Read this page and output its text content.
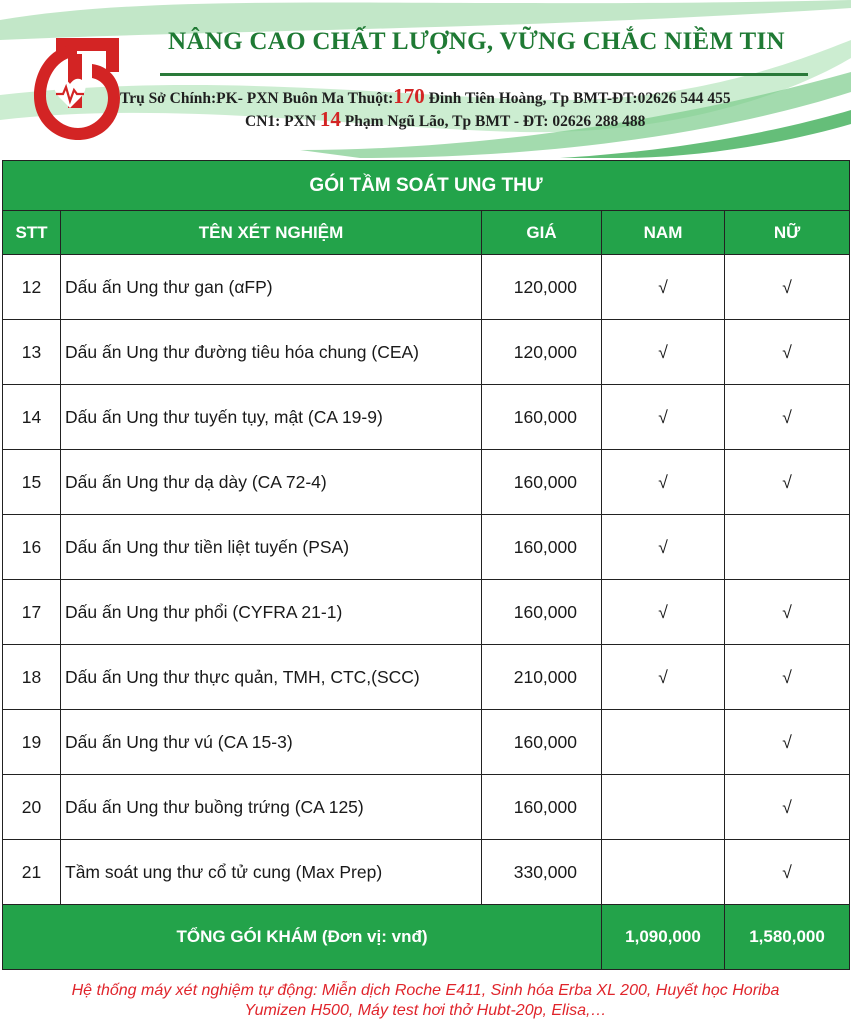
NÂNG CAO CHẤT LƯỢNG, VỮNG CHẮC NIỀM TIN
Trụ Sở Chính:PK- PXN Buôn Ma Thuột:170 Đinh Tiên Hoàng, Tp BMT-ĐT:02626 544 455
CN1: PXN 14 Phạm Ngũ Lão, Tp BMT - ĐT: 02626 288 488
GÓI TẦM SOÁT UNG THƯ				
STT	TÊN XÉT NGHIỆM	GIÁ	NAM	NỮ
12	Dấu ấn Ung thư gan (αFP)	120,000	√	√
13	Dấu ấn Ung thư đường tiêu hóa chung (CEA)	120,000	√	√
14	Dấu ấn Ung thư tuyến tụy, mật (CA 19-9)	160,000	√	√
15	Dấu ấn Ung thư dạ dày (CA 72-4)	160,000	√	√
16	Dấu ấn Ung thư tiền liệt tuyến (PSA)	160,000	√	
17	Dấu ấn Ung thư phổi (CYFRA 21-1)	160,000	√	√
18	Dấu ấn Ung thư thực quản, TMH, CTC,(SCC)	210,000	√	√
19	Dấu ấn Ung thư vú (CA 15-3)	160,000		√
20	Dấu ấn Ung thư buồng trứng (CA 125)	160,000		√
21	Tầm soát ung thư cổ tử cung (Max Prep)	330,000		√
TỔNG GÓI KHÁM (Đơn vị: vnđ)			1,090,000	1,580,000
Hệ thống máy xét nghiệm tự động: Miễn dịch Roche E411, Sinh hóa Erba XL 200, Huyết học Horiba
Yumizen H500, Máy test hơi thở Hubt-20p, Elisa,…
